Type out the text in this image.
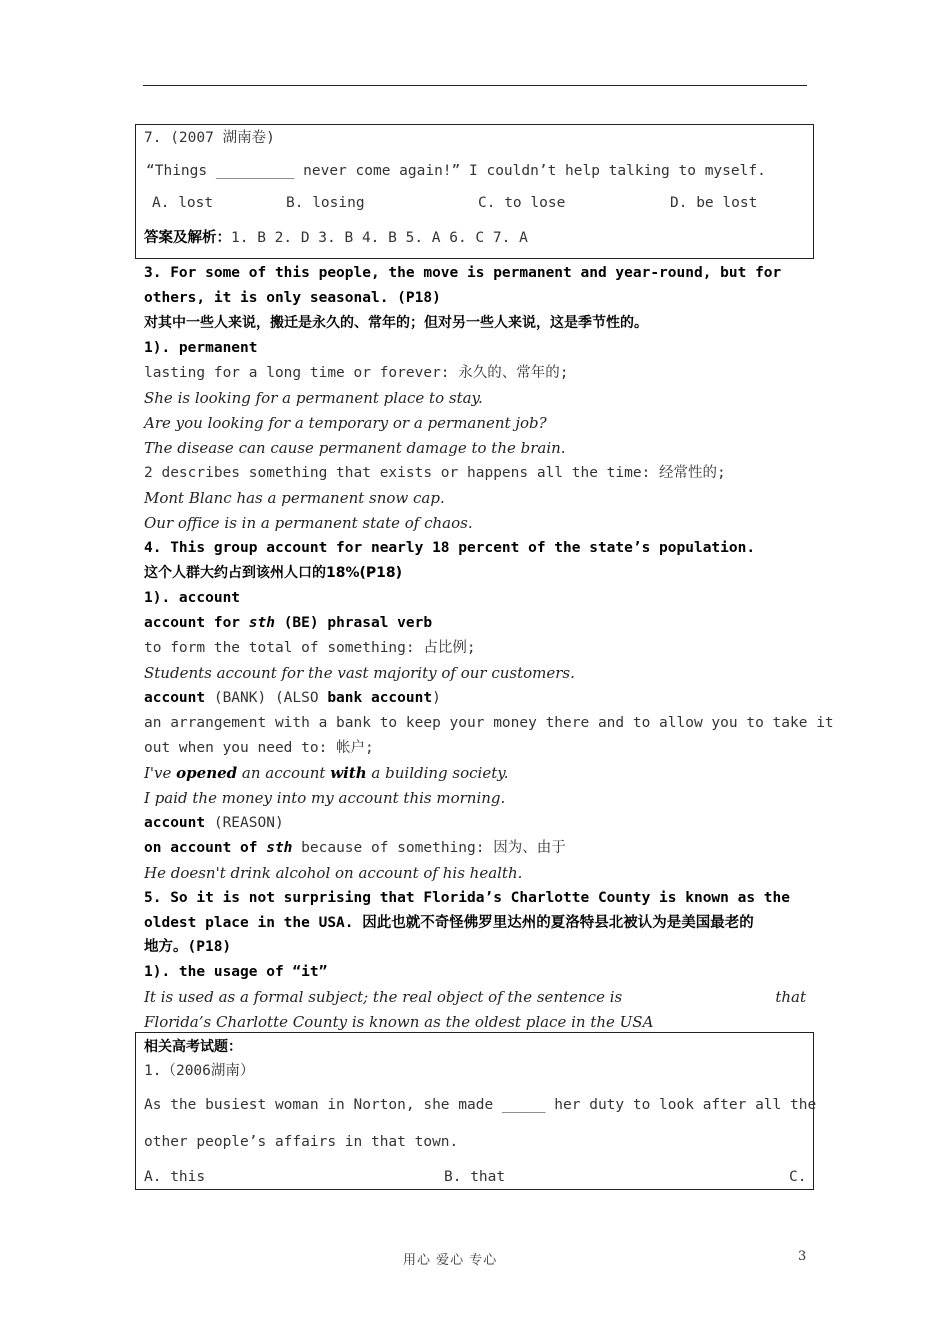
7. (2007 湖南卷)
“Things _________ never come again!” I couldn’t help talking to myself.
A. lost	B. losing	C. to lose	D. be lost
答案及解析：1. B 2. D 3. B 4. B 5. A 6. C 7. A
3. For some of this people, the move is permanent and year-round, but for
others, it is only seasonal. (P18)
对其中一些人来说，搬迁是永久的、常年的；但对另一些人来说，这是季节性的。
1). permanent
lasting for a long time or forever: 永久的、常年的;
She is looking for a permanent place to stay.
Are you looking for a temporary or a permanent job?
The disease can cause permanent damage to the brain.
2 describes something that exists or happens all the time: 经常性的;
Mont Blanc has a permanent snow cap.
Our office is in a permanent state of chaos.
4. This group account for nearly 18 percent of the state’s population.
这个人群大约占到该州人口的18%(P18)
1). account
account for sth (BE) phrasal verb
to form the total of something: 占比例;
Students account for the vast majority of our customers.
account (BANK) (ALSO bank account)
an arrangement with a bank to keep your money there and to allow you to take it
out when you need to: 帐户;
I've opened an account with a building society.
I paid the money into my account this morning.
account (REASON)
on account of sth because of something: 因为、由于
He doesn't drink alcohol on account of his health.
5. So it is not surprising that Florida’s Charlotte County is known as the
oldest place in the USA. 因此也就不奇怪佛罗里达州的夏洛特县北被认为是美国最老的
地方。(P18)
1). the usage of “it”
It is used as a formal subject; the real object of the sentence is	that
Florida’s Charlotte County is known as the oldest place in the USA
相关高考试题：
1.（2006湖南）
As the busiest woman in Norton, she made _____ her duty to look after all the
other people’s affairs in that town.
A. this	B. that	C.
用心 爱心 专心	3
